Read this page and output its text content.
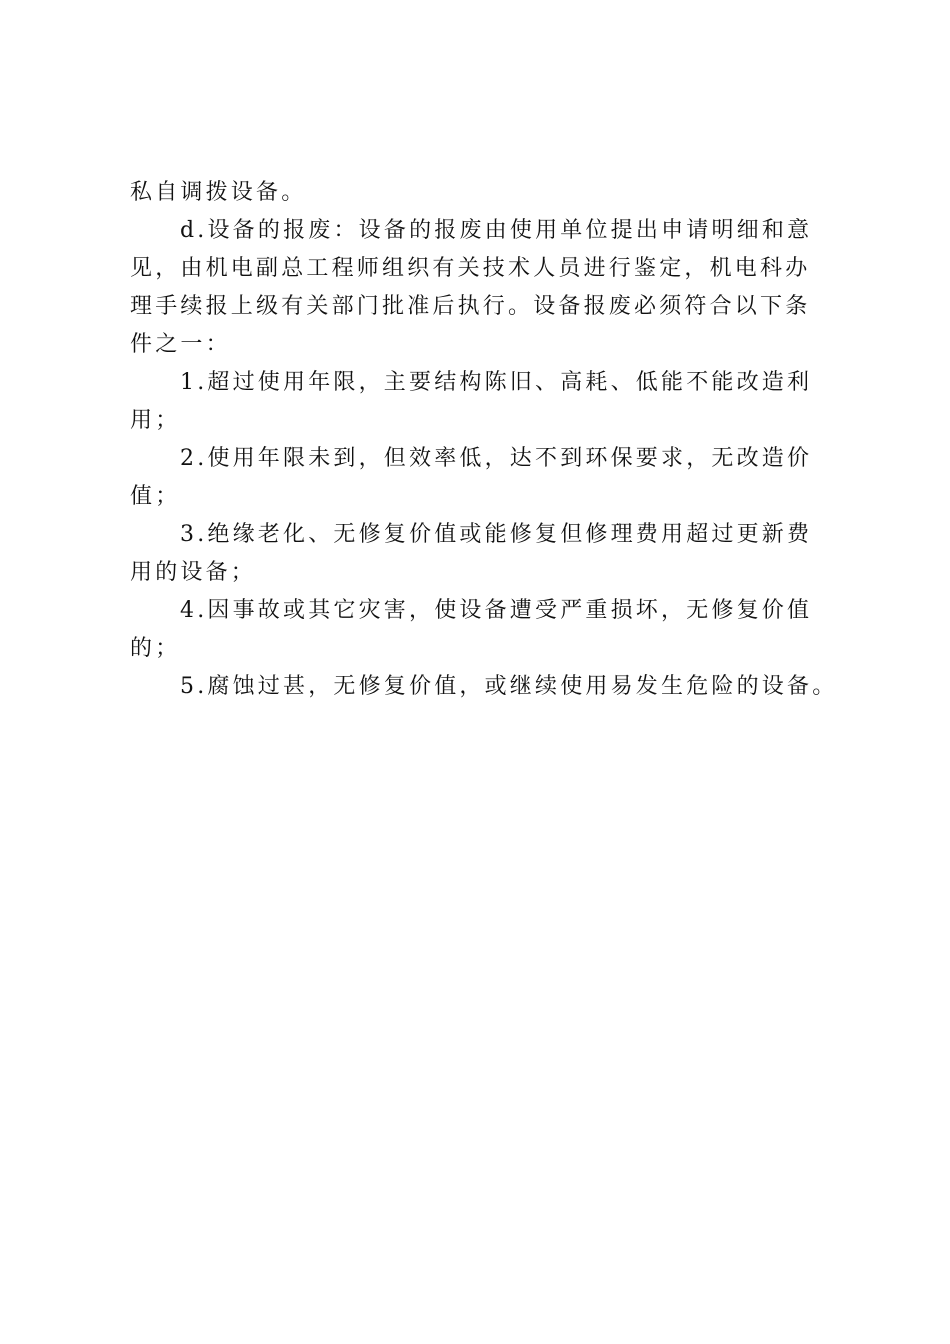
私自调拨设备。
d.设备的报废：设备的报废由使用单位提出申请明细和意
见，由机电副总工程师组织有关技术人员进行鉴定，机电科办
理手续报上级有关部门批准后执行。设备报废必须符合以下条
件之一：
1.超过使用年限，主要结构陈旧、高耗、低能不能改造利
用；
2.使用年限未到，但效率低，达不到环保要求，无改造价
值；
3.绝缘老化、无修复价值或能修复但修理费用超过更新费
用的设备；
4.因事故或其它灾害，使设备遭受严重损坏，无修复价值
的；
5.腐蚀过甚，无修复价值，或继续使用易发生危险的设备。
